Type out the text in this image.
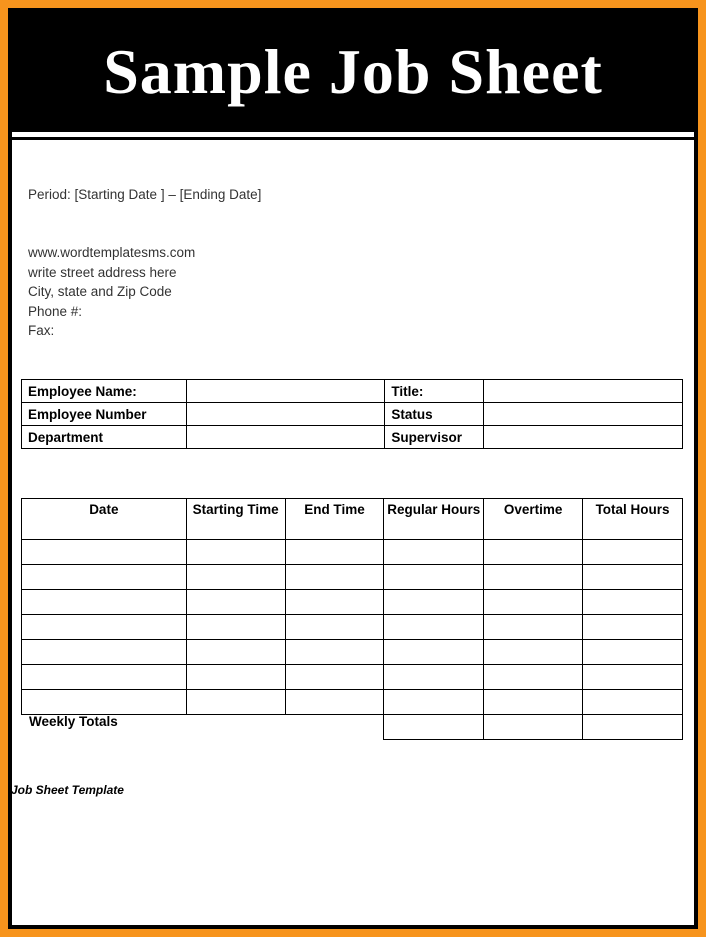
Sample Job Sheet
Period: [Starting Date ] – [Ending Date]
www.wordtemplatesms.com
write street address here
City, state and Zip Code
Phone #:
Fax:
Employee Name:		Title:	
Employee Number		Status	
Department		Supervisor	
Date	Starting Time	End Time	Regular Hours	Overtime	Total Hours

Weekly Totals
Job Sheet Template
